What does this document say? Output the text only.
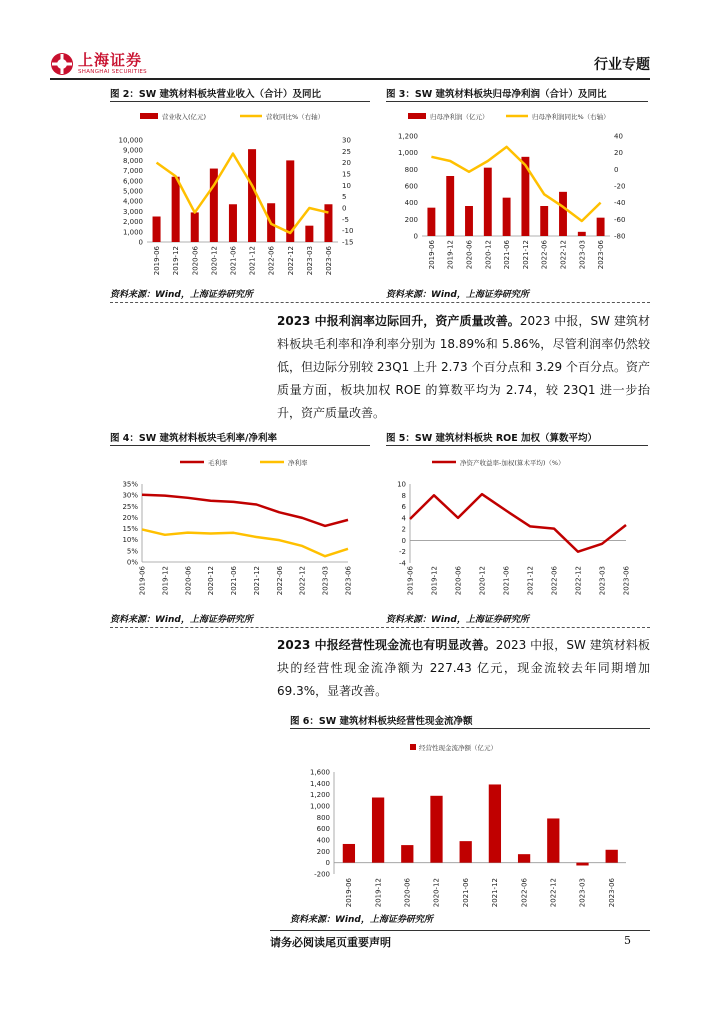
上海证券
SHANGHAI SECURITIES	行业专题
图 2：SW 建筑材料板块营业收入（合计）及同比
营业收入(亿元)	营收同比%（右轴）
10,000
9,000
8,000
7,000
6,000
5,000
4,000
3,000
2,000
1,000
0
30
25
20
15
10
5
0
-5
-10
-15
2019-06 2019-12 2020-06 2020-12 2021-06 2021-12 2022-06 2022-12 2023-03 2023-06
资料来源：Wind，上海证券研究所
图 3：SW 建筑材料板块归母净利润（合计）及同比
归母净利润（亿元）	归母净利润同比%（右轴）
1,200
1,000
800
600
400
200
0
40
20
0
-20
-40
-60
-80
2019-06 2019-12 2020-06 2020-12 2021-06 2021-12 2022-06 2022-12 2023-03 2023-06
资料来源：Wind，上海证券研究所
2023 中报利润率边际回升，资产质量改善。2023 中报，SW 建筑材料板块毛利率和净利率分别为 18.89%和 5.86%，尽管利润率仍然较低，但边际分别较 23Q1 上升 2.73 个百分点和 3.29 个百分点。资产质量方面，板块加权 ROE 的算数平均为 2.74，较 23Q1 进一步抬升，资产质量改善。
图 4：SW 建筑材料板块毛利率/净利率
毛利率	净利率
35%
30%
25%
20%
15%
10%
5%
0%
2019-06 2019-12 2020-06 2020-12 2021-06 2021-12 2022-06 2022-12 2023-03 2023-06
资料来源：Wind，上海证券研究所
图 5：SW 建筑材料板块 ROE 加权（算数平均）
净资产收益率-加权(算术平均)（%）
10
8
6
4
2
0
-2
-4
2019-06 2019-12 2020-06 2020-12 2021-06 2021-12 2022-06 2022-12 2023-03 2023-06
资料来源：Wind，上海证券研究所
2023 中报经营性现金流也有明显改善。2023 中报，SW 建筑材料板块的经营性现金流净额为 227.43 亿元，现金流较去年同期增加 69.3%，显著改善。
图 6：SW 建筑材料板块经营性现金流净额
经营性现金流净额（亿元）
1,600
1,400
1,200
1,000
800
600
400
200
0
-200
2019-06	2019-12	2020-06	2020-12	2021-06	2021-12	2022-06	2022-12	2023-03	2023-06
资料来源：Wind，上海证券研究所
请务必阅读尾页重要声明	5
